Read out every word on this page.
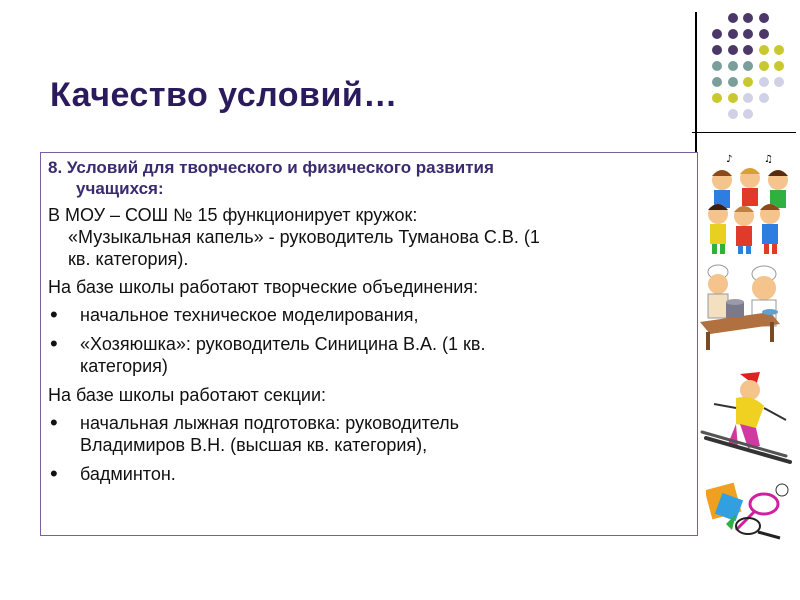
Качество условий…
8. Условий для творческого и физического развития
учащихся:
В МОУ – СОШ № 15 функционирует кружок:
«Музыкальная капель» - руководитель Туманова С.В. (1
кв. категория).
На базе школы работают творческие объединения:
• начальное техническое моделирования,
• «Хозяюшка»: руководитель Синицина В.А. (1 кв.
категория)
На базе школы работают секции:
• начальная лыжная подготовка: руководитель
Владимиров В.Н. (высшая кв. категория),
• бадминтон.
♪	♫
